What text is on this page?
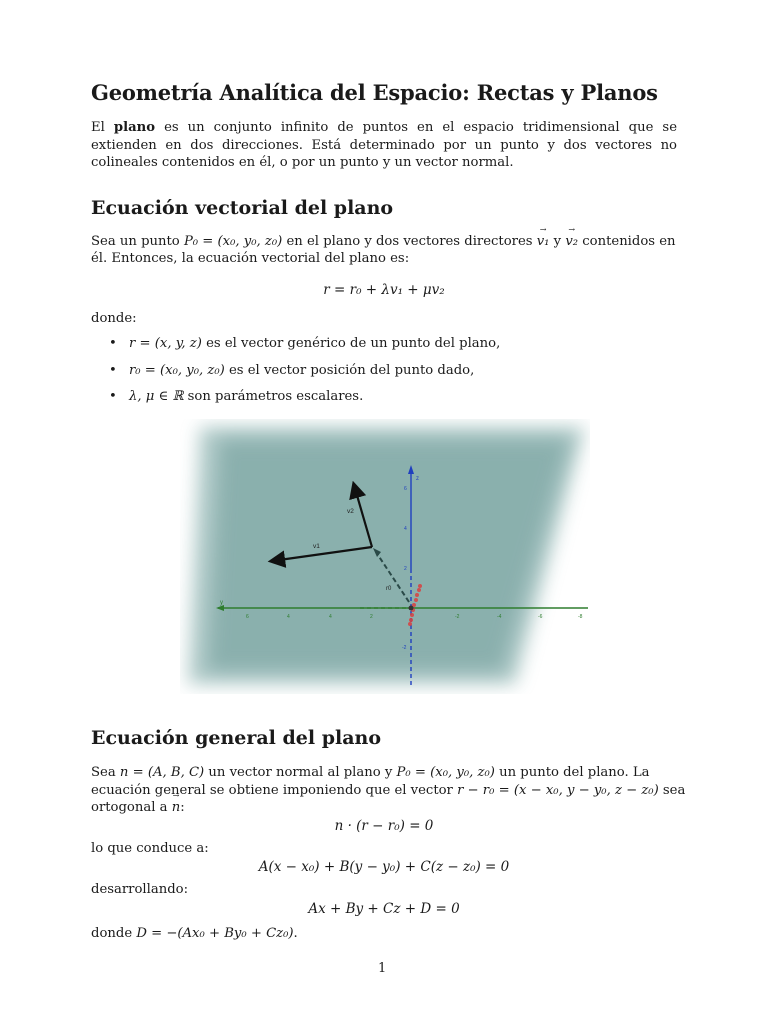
Geometría Analítica del Espacio: Rectas y Planos
El plano es un conjunto infinito de puntos en el espacio tridimensional que se extienden en dos direcciones. Está determinado por un punto y dos vectores no colineales contenidos en él, o por un punto y un vector normal.
Ecuación vectorial del plano
Sea un punto P₀ = (x₀, y₀, z₀) en el plano y dos vectores directores → v₁ y → v₂ contenidos en
él. Entonces, la ecuación vectorial del plano es:
r = r₀ + λv₁ + μv₂
donde:
• r = (x, y, z) es el vector genérico de un punto del plano,
• r₀ = (x₀, y₀, z₀) es el vector posición del punto dado,
• λ, μ ∈ ℝ son parámetros escalares.
Ecuación general del plano
Sea n = (A, B, C) un vector normal al plano y P₀ = (x₀, y₀, z₀) un punto del plano. La
ecuación general se obtiene imponiendo que el vector r − r₀ = (x − x₀, y − y₀, z − z₀) sea
ortogonal a → n:
n · (r − r₀) = 0
lo que conduce a:
A(x − x₀) + B(y − y₀) + C(z − z₀) = 0
desarrollando:
Ax + By + Cz + D = 0
donde D = −(Ax₀ + By₀ + Cz₀).
y
6	4	4	2	-2	-4	-6	-8
z
6
4
2
-2
v1
v2
r0
1
